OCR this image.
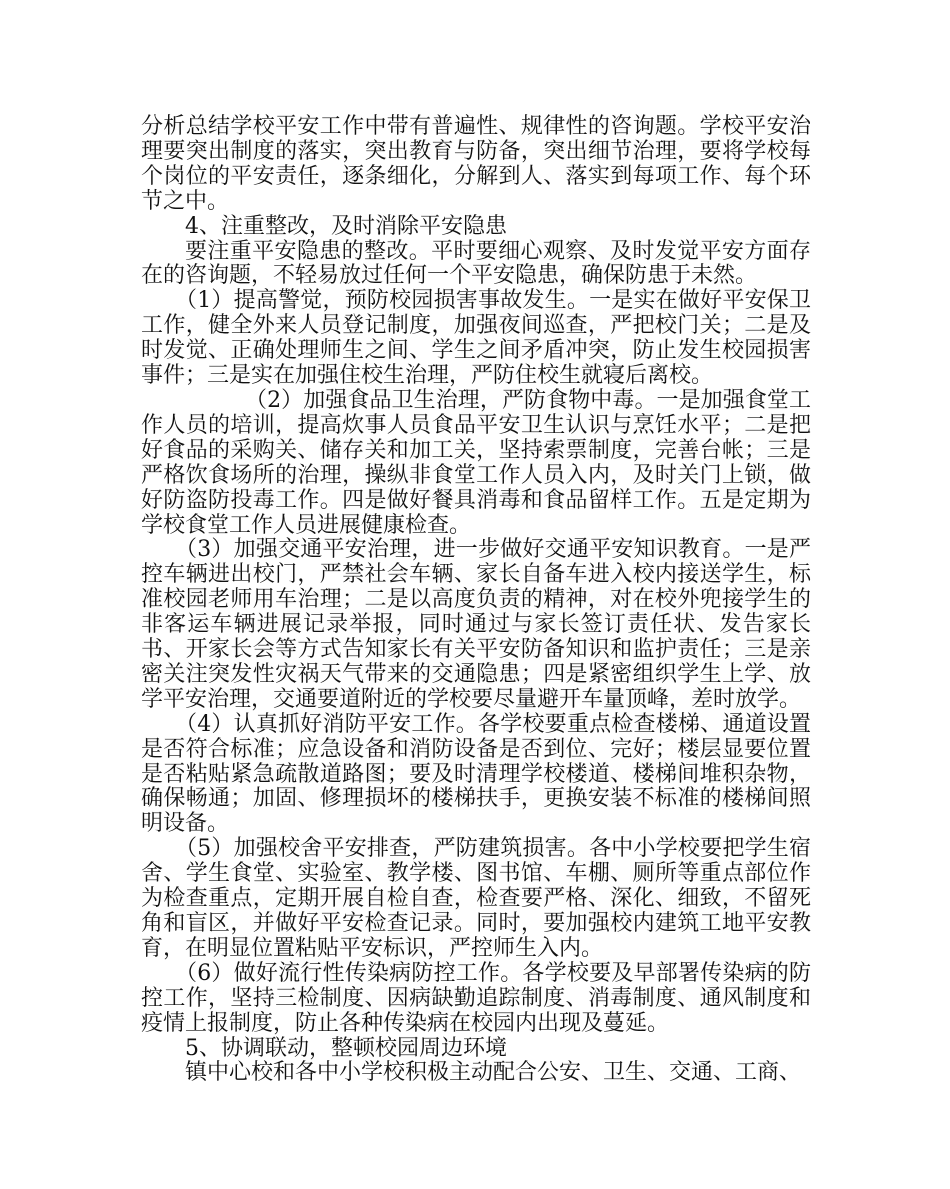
分析总结学校平安工作中带有普遍性、规律性的咨询题。学校平安治理要突出制度的落实，突出教育与防备，突出细节治理，要将学校每个岗位的平安责任，逐条细化，分解到人、落实到每项工作、每个环节之中。

4、注重整改，及时消除平安隐患

要注重平安隐患的整改。平时要细心观察、及时发觉平安方面存在的咨询题，不轻易放过任何一个平安隐患，确保防患于未然。

（1）提高警觉，预防校园损害事故发生。一是实在做好平安保卫工作，健全外来人员登记制度，加强夜间巡查，严把校门关；二是及时发觉、正确处理师生之间、学生之间矛盾冲突，防止发生校园损害事件；三是实在加强住校生治理，严防住校生就寝后离校。

（2）加强食品卫生治理，严防食物中毒。一是加强食堂工作人员的培训，提高炊事人员食品平安卫生认识与烹饪水平；二是把好食品的采购关、储存关和加工关，坚持索票制度，完善台帐；三是严格饮食场所的治理，操纵非食堂工作人员入内，及时关门上锁，做好防盗防投毒工作。四是做好餐具消毒和食品留样工作。五是定期为学校食堂工作人员进展健康检查。

（3）加强交通平安治理，进一步做好交通平安知识教育。一是严控车辆进出校门，严禁社会车辆、家长自备车进入校内接送学生，标准校园老师用车治理；二是以高度负责的精神，对在校外兜接学生的非客运车辆进展记录举报，同时通过与家长签订责任状、发告家长书、开家长会等方式告知家长有关平安防备知识和监护责任；三是亲密关注突发性灾祸天气带来的交通隐患；四是紧密组织学生上学、放学平安治理，交通要道附近的学校要尽量避开车量顶峰，差时放学。

（4）认真抓好消防平安工作。各学校要重点检查楼梯、通道设置是否符合标准；应急设备和消防设备是否到位、完好；楼层显要位置是否粘贴紧急疏散道路图；要及时清理学校楼道、楼梯间堆积杂物，确保畅通；加固、修理损坏的楼梯扶手，更换安装不标准的楼梯间照明设备。

（5）加强校舍平安排查，严防建筑损害。各中小学校要把学生宿舍、学生食堂、实验室、教学楼、图书馆、车棚、厕所等重点部位作为检查重点，定期开展自检自查，检查要严格、深化、细致，不留死角和盲区，并做好平安检查记录。同时，要加强校内建筑工地平安教育，在明显位置粘贴平安标识，严控师生入内。

（6）做好流行性传染病防控工作。各学校要及早部署传染病的防控工作，坚持三检制度、因病缺勤追踪制度、消毒制度、通风制度和疫情上报制度，防止各种传染病在校园内出现及蔓延。

5、协调联动，整顿校园周边环境

镇中心校和各中小学校积极主动配合公安、卫生、交通、工商、
